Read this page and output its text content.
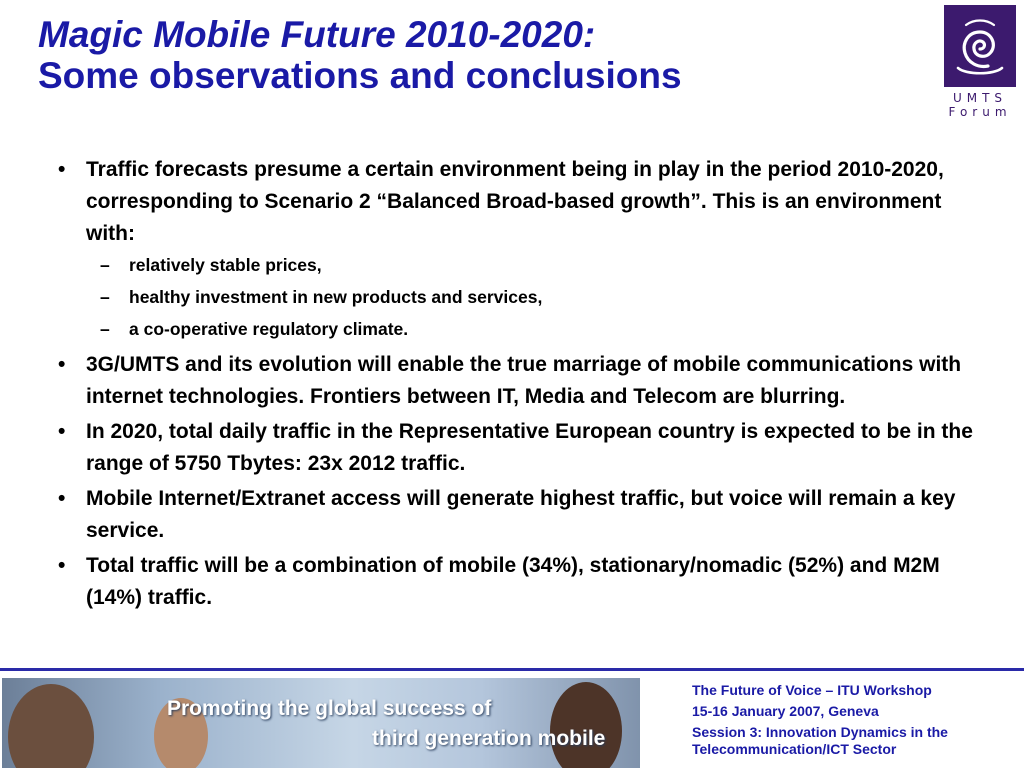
Magic Mobile Future 2010-2020:
Some observations and conclusions
UMTS
Forum
• Traffic forecasts presume a certain environment being in play in the period 2010-2020, corresponding to Scenario 2 “Balanced Broad-based growth”. This is an environment with:
– relatively stable prices,
– healthy investment in new products and services,
– a co-operative regulatory climate.
• 3G/UMTS and its evolution will enable the true marriage of mobile communications with internet technologies. Frontiers between IT, Media and Telecom are blurring.
• In 2020, total daily traffic in the Representative European country is expected to be in the range of 5750 Tbytes: 23x 2012 traffic.
• Mobile Internet/Extranet access will generate highest traffic, but voice will remain a key service.
• Total traffic will be a combination of mobile (34%), stationary/nomadic (52%) and M2M (14%) traffic.
Promoting the global success of
third generation mobile
The Future of Voice – ITU Workshop
15-16 January 2007, Geneva
Session 3: Innovation Dynamics in the Telecommunication/ICT Sector
